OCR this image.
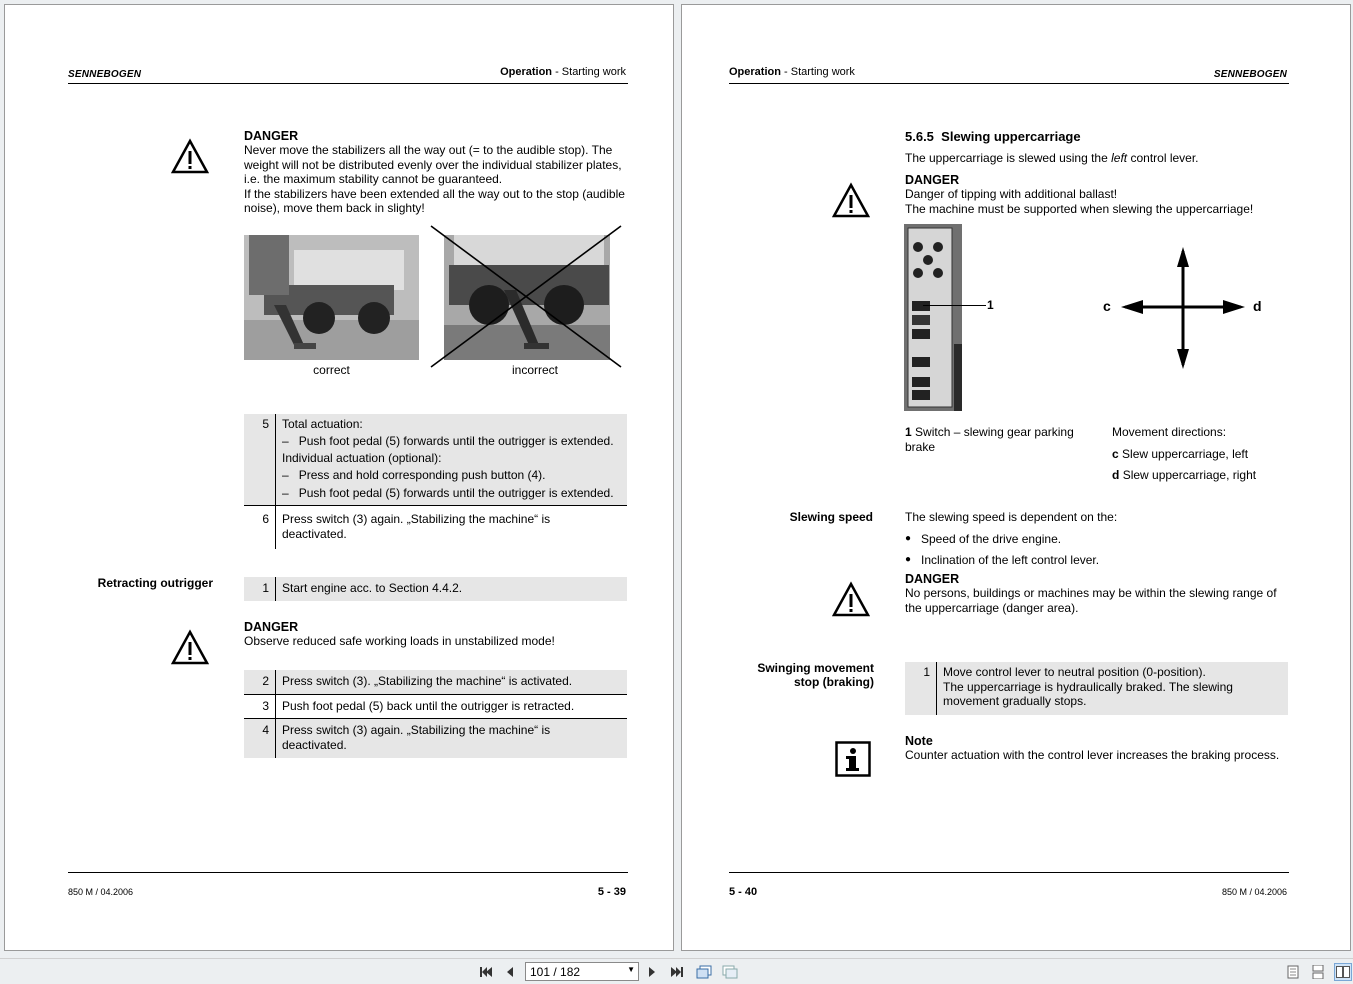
SENNEBOGEN	Operation - Starting work
DANGER
Never move the stabilizers all the way out (= to the audible stop). The
weight will not be distributed evenly over the individual stabilizer plates,
i.e. the maximum stability cannot be guaranteed.
If the stabilizers have been extended all the way out to the stop (audible
noise), move them back in slighty!
correct	incorrect
5	Total actuation:
–   Push foot pedal (5) forwards until the outrigger is extended.
Individual actuation (optional):
–   Press and hold corresponding push button (4).
–   Push foot pedal (5) forwards until the outrigger is extended.
6	Press switch (3) again. „Stabilizing the machine“ is deactivated.
Retracting outrigger	1	Start engine acc. to Section 4.4.2.
DANGER
Observe reduced safe working loads in unstabilized mode!
2	Press switch (3). „Stabilizing the machine“ is activated.
3	Push foot pedal (5) back until the outrigger is retracted.
4	Press switch (3) again. „Stabilizing the machine“ is deactivated.
850 M / 04.2006	5 - 39
Operation - Starting work	SENNEBOGEN
5.6.5 Slewing uppercarriage
The uppercarriage is slewed using the left control lever.
DANGER
Danger of tipping with additional ballast!
The machine must be supported when slewing the uppercarriage!
1	c	d
1 Switch – slewing gear parking brake
Movement directions:
c Slew uppercarriage, left
d Slew uppercarriage, right
Slewing speed	The slewing speed is dependent on the:
● Speed of the drive engine.
● Inclination of the left control lever.
DANGER
No persons, buildings or machines may be within the slewing range of
the uppercarriage (danger area).
Swinging movement
stop (braking)
1	Move control lever to neutral position (0-position).
The uppercarriage is hydraulically braked. The slewing
movement gradually stops.
Note
Counter actuation with the control lever increases the braking process.
5 - 40	850 M / 04.2006
101 / 182	▼
